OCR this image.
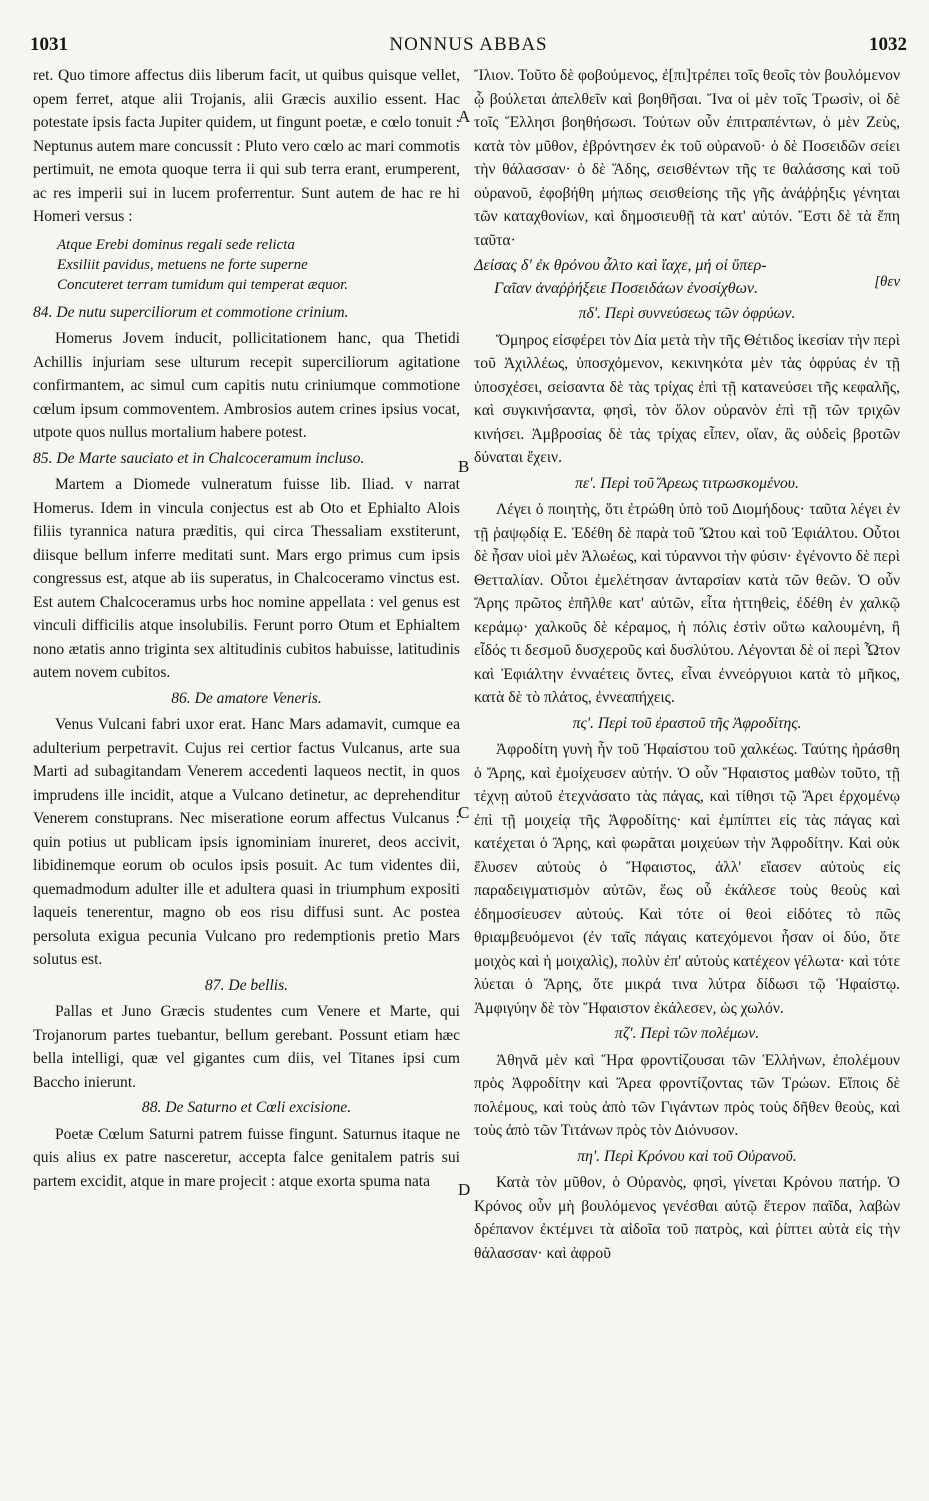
1031	NONNUS ABBAS	1032
A
B
C
D

ret. Quo timore affectus diis liberum facit, ut quibus quisque vellet, opem ferret, atque alii Trojanis, alii Græcis auxilio essent. Hac potestate ipsis facta Jupiter quidem, ut fingunt poetæ, e cœlo tonuit : Neptunus autem mare concussit : Pluto vero cœlo ac mari commotis pertimuit, ne emota quoque terra ii qui sub terra erant, erumperent, ac res imperii sui in lucem proferrentur. Sunt autem de hac re hi Homeri versus :

Atque Erebi dominus regali sede relicta
Exsiliit pavidus, metuens ne forte superne
Concuteret terram tumidum qui temperat æquor.
84. De nutu superciliorum et commotione crinium.

Homerus Jovem inducit, pollicitationem hanc, qua Thetidi Achillis injuriam sese ulturum recepit superciliorum agitatione confirmantem, ac simul cum capitis nutu criniumque commotione cœlum ipsum commoventem. Ambrosios autem crines ipsius vocat, utpote quos nullus mortalium habere potest.

85. De Marte sauciato et in Chalcoceramum incluso.

Martem a Diomede vulneratum fuisse lib. Iliad. v narrat Homerus. Idem in vincula conjectus est ab Oto et Ephialto Alois filiis tyrannica natura præditis, qui circa Thessaliam exstiterunt, diisque bellum inferre meditati sunt. Mars ergo primus cum ipsis congressus est, atque ab iis superatus, in Chalcoceramo vinctus est. Est autem Chalcoceramus urbs hoc nomine appellata : vel genus est vinculi difficilis atque insolubilis. Ferunt porro Otum et Ephialtem nono ætatis anno triginta sex altitudinis cubitos habuisse, latitudinis autem novem cubitos.

86. De amatore Veneris.

Venus Vulcani fabri uxor erat. Hanc Mars adamavit, cumque ea adulterium perpetravit. Cujus rei certior factus Vulcanus, arte sua Marti ad subagitandam Venerem accedenti laqueos nectit, in quos imprudens ille incidit, atque a Vulcano detinetur, ac deprehenditur Venerem constuprans. Nec miseratione eorum affectus Vulcanus : quin potius ut publicam ipsis ignominiam inureret, deos accivit, libidinemque eorum ob oculos ipsis posuit. Ac tum videntes dii, quemadmodum adulter ille et adultera quasi in triumphum expositi laqueis tenerentur, magno ob eos risu diffusi sunt. Ac postea persoluta exigua pecunia Vulcano pro redemptionis pretio Mars solutus est.

87. De bellis.

Pallas et Juno Græcis studentes cum Venere et Marte, qui Trojanorum partes tuebantur, bellum gerebant. Possunt etiam hæc bella intelligi, quæ vel gigantes cum diis, vel Titanes ipsi cum Baccho inierunt.

88. De Saturno et Cœli excisione.

Poetæ Cœlum Saturni patrem fuisse fingunt. Saturnus itaque ne quis alius ex patre nasceretur, accepta falce genitalem patris sui partem excidit, atque in mare projecit : atque exorta spuma nata

Ἴλιον. Τοῦτο δὲ φοβούμενος, ἐ[πι]τρέπει τοῖς θεοῖς τὸν βουλόμενον ᾧ βούλεται ἀπελθεῖν καὶ βοηθῆσαι. Ἵνα οἱ μὲν τοῖς Τρωσὶν, οἱ δὲ τοῖς Ἕλλησι βοηθήσωσι. Τούτων οὖν ἐπιτραπέντων, ὁ μὲν Ζεὺς, κατὰ τὸν μῦθον, ἐβρόντησεν ἐκ τοῦ οὐρανοῦ· ὁ δὲ Ποσειδῶν σείει τὴν θάλασσαν· ὁ δὲ Ἅδης, σεισθέντων τῆς τε θαλάσσης καὶ τοῦ οὐρανοῦ, ἐφοβήθη μήπως σεισθείσης τῆς γῆς ἀνάῤῥηξις γένηται τῶν καταχθονίων, καὶ δημοσιευθῇ τὰ κατ' αὐτόν. Ἔστι δὲ τὰ ἔπη ταῦτα·

Δείσας δ' ἐκ θρόνου ἆλτο καὶ ἴαχε, μή οἱ ὕπερ-
[θεν
Γαῖαν ἀναῤῥήξειε Ποσειδάων ἐνοσίχθων.
πδ'. Περὶ συννεύσεως τῶν ὀφρύων.

Ὅμηρος εἰσφέρει τὸν Δία μετὰ τὴν τῆς Θέτιδος ἱκεσίαν τὴν περὶ τοῦ Ἀχιλλέως, ὑποσχόμενον, κεκινηκότα μὲν τὰς ὀφρύας ἐν τῇ ὑποσχέσει, σείσαντα δὲ τὰς τρίχας ἐπὶ τῇ κατανεύσει τῆς κεφαλῆς, καὶ συγκινήσαντα, φησὶ, τὸν ὅλον οὐρανὸν ἐπὶ τῇ τῶν τριχῶν κινήσει. Ἀμβροσίας δὲ τὰς τρίχας εἶπεν, οἵαν, ἃς οὐδεὶς βροτῶν δύναται ἔχειν.

πε'. Περὶ τοῦ Ἄρεως τιτρωσκομένου.

Λέγει ὁ ποιητὴς, ὅτι ἐτρώθη ὑπὸ τοῦ Διομήδους· ταῦτα λέγει ἐν τῇ ῥαψῳδίᾳ Ε. Ἐδέθη δὲ παρὰ τοῦ Ὤτου καὶ τοῦ Ἐφιάλτου. Οὗτοι δὲ ἦσαν υἱοὶ μὲν Ἀλωέως, καὶ τύραννοι τὴν φύσιν· ἐγένοντο δὲ περὶ Θετταλίαν. Οὗτοι ἐμελέτησαν ἀνταρσίαν κατὰ τῶν θεῶν. Ὁ οὖν Ἄρης πρῶτος ἐπῆλθε κατ' αὐτῶν, εἶτα ἡττηθεὶς, ἐδέθη ἐν χαλκῷ κεράμῳ· χαλκοῦς δὲ κέραμος, ἡ πόλις ἐστὶν οὕτω καλουμένη, ἢ εἶδός τι δεσμοῦ δυσχεροῦς καὶ δυσλύτου. Λέγονται δὲ οἱ περὶ Ὦτον καὶ Ἐφιάλτην ἐνναέτεις ὄντες, εἶναι ἐννεόργυιοι κατὰ τὸ μῆκος, κατὰ δὲ τὸ πλάτος, ἐννεαπήχεις.

πς'. Περὶ τοῦ ἐραστοῦ τῆς Ἀφροδίτης.

Ἀφροδίτη γυνὴ ἦν τοῦ Ἡφαίστου τοῦ χαλκέως. Ταύτης ἠράσθη ὁ Ἄρης, καὶ ἐμοίχευσεν αὐτήν. Ὁ οὖν Ἥφαιστος μαθὼν τοῦτο, τῇ τέχνῃ αὐτοῦ ἐτεχνάσατο τὰς πάγας, καὶ τίθησι τῷ Ἄρει ἐρχομένῳ ἐπὶ τῇ μοιχείᾳ τῆς Ἀφροδίτης· καὶ ἐμπίπτει εἰς τὰς πάγας καὶ κατέχεται ὁ Ἄρης, καὶ φωρᾶται μοιχεύων τὴν Ἀφροδίτην. Καὶ οὐκ ἔλυσεν αὐτοὺς ὁ Ἥφαιστος, ἀλλ' εἴασεν αὐτοὺς εἰς παραδειγματισμὸν αὐτῶν, ἕως οὗ ἐκάλεσε τοὺς θεοὺς καὶ ἐδημοσίευσεν αὐτούς. Καὶ τότε οἱ θεοὶ εἰδότες τὸ πῶς θριαμβευόμενοι (ἐν ταῖς πάγαις κατεχόμενοι ἦσαν οἱ δύο, ὅτε μοιχὸς καὶ ἡ μοιχαλὶς), πολὺν ἐπ' αὐτοὺς κατέχεον γέλωτα· καὶ τότε λύεται ὁ Ἄρης, ὅτε μικρά τινα λύτρα δίδωσι τῷ Ἡφαίστῳ. Ἀμφιγύην δὲ τὸν Ἥφαιστον ἐκάλεσεν, ὡς χωλόν.

πζ'. Περὶ τῶν πολέμων.

Ἀθηνᾶ μὲν καὶ Ἥρα φροντίζουσαι τῶν Ἑλλήνων, ἐπολέμουν πρὸς Ἀφροδίτην καὶ Ἄρεα φροντίζοντας τῶν Τρώων. Εἴποις δὲ πολέμους, καὶ τοὺς ἀπὸ τῶν Γιγάντων πρὸς τοὺς δῆθεν θεοὺς, καὶ τοὺς ἀπὸ τῶν Τιτάνων πρὸς τὸν Διόνυσον.

πη'. Περὶ Κρόνου καὶ τοῦ Οὐρανοῦ.

Κατὰ τὸν μῦθον, ὁ Οὐρανὸς, φησὶ, γίνεται Κρόνου πατήρ. Ὁ Κρόνος οὖν μὴ βουλόμενος γενέσθαι αὐτῷ ἕτερον παῖδα, λαβὼν δρέπανον ἐκτέμνει τὰ αἰδοῖα τοῦ πατρὸς, καὶ ῥίπτει αὐτὰ εἰς τὴν θάλασσαν· καὶ ἀφροῦ
